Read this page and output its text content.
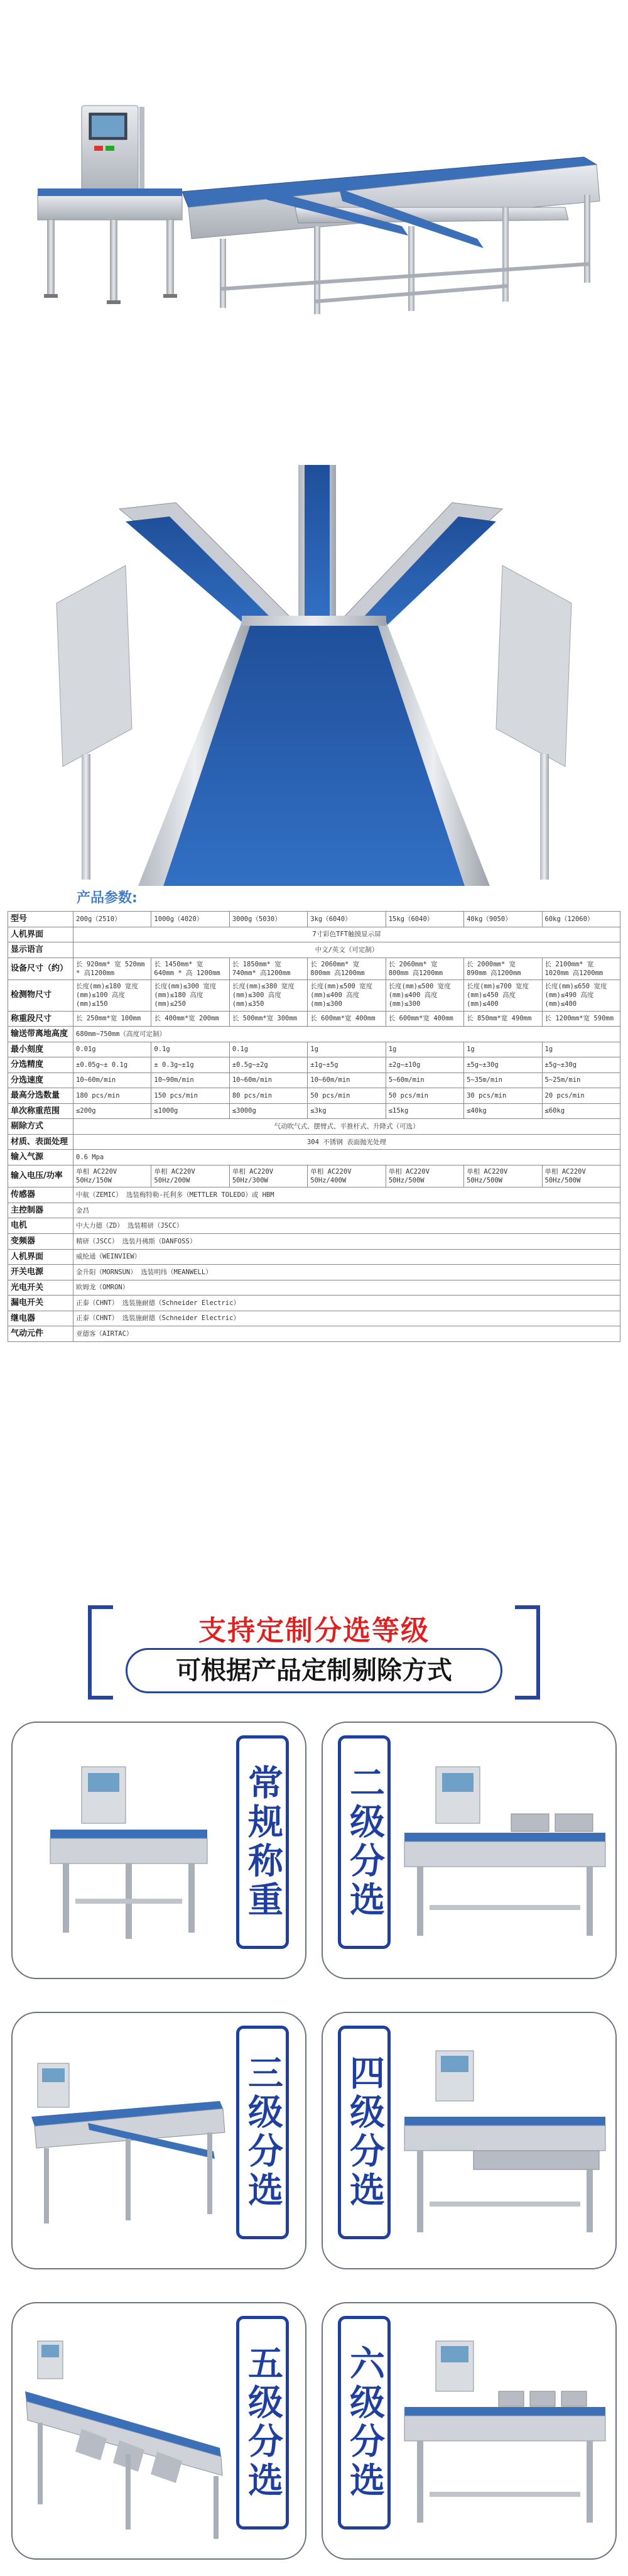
产品参数:
型号	200g（2510）	1000g（4020）	3000g（5030）	3kg（6040）	15kg（6040）	40kg（9050）	60kg（12060）
人机界面	7寸彩色TFT触摸显示屏						
显示语言	中文/英文（可定制）						
设备尺寸（约）	长 920mm* 宽 520mm * 高1200mm	长 1450mm* 宽 640mm * 高 1200mm	长 1850mm* 宽 740mm* 高1200mm	长 2060mm* 宽 800mm 高1200mm	长 2060mm* 宽 800mm 高1200mm	长 2000mm* 宽 890mm 高1200mm	长 2100mm* 宽 1020mm 高1200mm
检测物尺寸	长度(mm)≤180 宽度(mm)≤100 高度(mm)≤150	长度(mm)≤300 宽度(mm)≤180 高度(mm)≤250	长度(mm)≤380 宽度(mm)≤300 高度(mm)≤350	长度(mm)≤500 宽度(mm)≤400 高度(mm)≤300	长度(mm)≤500 宽度(mm)≤400 高度(mm)≤300	长度(mm)≤700 宽度(mm)≤450 高度(mm)≤400	长度(mm)≤650 宽度(mm)≤490 高度(mm)≤400
称重段尺寸	长 250mm*宽 100mm	长 400mm*宽 200mm	长 500mm*宽 300mm	长 600mm*宽 400mm	长 600mm*宽 400mm	长 850mm*宽 490mm	长 1200mm*宽 590mm
输送带离地高度	680mm~750mm（高度可定制）						
最小刻度	0.01g	0.1g	0.1g	1g	1g	1g	1g
分选精度	±0.05g~± 0.1g	± 0.3g~±1g	±0.5g~±2g	±1g~±5g	±2g~±10g	±5g~±30g	±5g~±30g
分选速度	10~60m/min	10~90m/min	10~60m/min	10~60m/min	5~60m/min	5~35m/min	5~25m/min
最高分选数量	180 pcs/min	150 pcs/min	80 pcs/min	50 pcs/min	50 pcs/min	30 pcs/min	20 pcs/min
单次称重范围	≤200g	≤1000g	≤3000g	≤3kg	≤15kg	≤40kg	≤60kg
剔除方式	气动吹气式、摆臂式、平推杆式、升降式（可选）						
材质、表面处理	304 不锈钢 表面抛光处理						
输入气源	0.6 Mpa						
输入电压/功率	单相 AC220V 50Hz/150W	单相 AC220V 50Hz/200W	单相 AC220V 50Hz/300W	单相 AC220V 50Hz/400W	单相 AC220V 50Hz/500W	单相 AC220V 50Hz/500W	单相 AC220V 50Hz/500W
传感器	中航（ZEMIC） 选装梅特勒-托利多（METTLER TOLEDO）或 HBM						
主控制器	金昌						
电机	中大力德（ZD） 选装精研（JSCC）						
变频器	精研（JSCC） 选装丹佛斯（DANFOSS）						
人机界面	威纶通（WEINVIEW）						
开关电源	金升阳（MORNSUN） 选装明纬（MEANWELL）						
光电开关	欧姆龙（OMRON）						
漏电开关	正泰（CHNT） 选装施耐德（Schneider Electric）						
继电器	正泰（CHNT） 选装施耐德（Schneider Electric）						
气动元件	亚德客（AIRTAC）						
支持定制分选等级
可根据产品定制剔除方式
常规称重 二级分选
三级分选 四级分选
五级分选 六级分选
